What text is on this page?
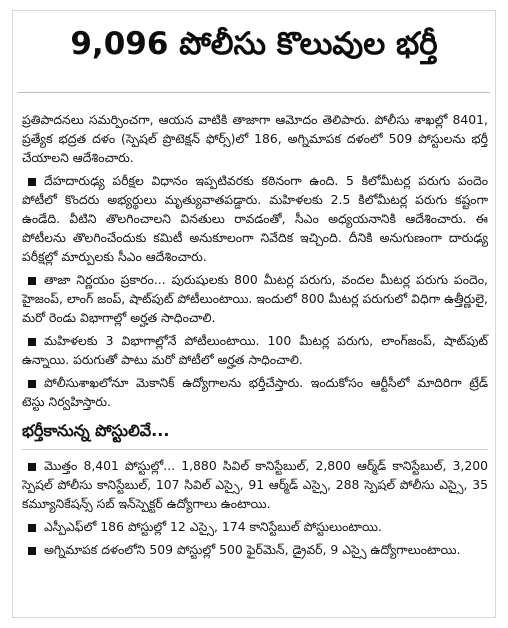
9,096 పోలీసు కొలువుల భర్తీ

ప్రతిపాదనలు సమర్పించగా, ఆయన వాటికి తాజాగా ఆమోదం తెలిపారు. పోలీసు శాఖల్లో 8401, ప్రత్యేక భద్రత దళం (స్పెషల్ ప్రొటెక్షన్ ఫోర్స్)లో 186, అగ్నిమాపక దళంలో 509 పోస్టులను భర్తీ చేయాలని ఆదేశించారు.

దేహదారుఢ్య పరీక్షల విధానం ఇప్పటివరకు కఠినంగా ఉంది. 5 కిలోమీటర్ల పరుగు పందెం పోటీలో కొందరు అభ్యర్థులు మృత్యువాతపడ్డారు. మహిళలకు 2.5 కిలోమీటర్ల పరుగు కష్టంగా ఉండేది. వీటిని తొలగించాలని వినతులు రావడంతో, సీఎం అధ్యయనానికి ఆదేశించారు. ఈ పోటీలను తొలగించేందుకు కమిటీ అనుకూలంగా నివేదిక ఇచ్చింది. దీనికి అనుగుణంగా దారుఢ్య పరీక్షల్లో మార్పులకు సీఎం ఆదేశించారు.

తాజా నిర్ణయం ప్రకారం... పురుషులకు 800 మీటర్ల పరుగు, వందల మీటర్ల పరుగు పందెం, హైజంప్, లాంగ్ జంప్, షాట్‌పుట్ పోటీలుంటాయి. ఇందులో 800 మీటర్ల పరుగులో విధిగా ఉత్తీర్ణులై, మరో రెండు విభాగాల్లో అర్హత సాధించాలి.

మహిళలకు 3 విభాగాల్లోనే పోటీలుంటాయి. 100 మీటర్ల పరుగు, లాంగ్‌జంప్, షాట్‌పుట్ ఉన్నాయి. పరుగుతో పాటు మరో పోటీలో అర్హత సాధించాలి.

పోలీసుశాఖలోనూ మెకానిక్ ఉద్యోగాలను భర్తీచేస్తారు. ఇందుకోసం ఆర్టీసీలో మాదిరిగా ట్రేడ్ టెస్టు నిర్వహిస్తారు.

భర్తీకానున్న పోస్టులివే...

మొత్తం 8,401 పోస్టుల్లో... 1,880 సివిల్ కానిస్టేబుల్, 2,800 ఆర్మ్‌డ్ కానిస్టేబుల్, 3,200 స్పెషల్ పోలీసు కానిస్టేబుల్, 107 సివిల్ ఎస్సై, 91 ఆర్మ్‌డ్ ఎస్సై, 288 స్పెషల్ పోలీసు ఎస్సై, 35 కమ్యూనికేషన్స్ సబ్ ఇన్‌స్పెక్టర్ ఉద్యోగాలు ఉంటాయి.

ఎస్పీఎఫ్‌లో 186 పోస్టుల్లో 12 ఎస్సై, 174 కానిస్టేబుల్ పోస్టులుంటాయి.

అగ్నిమాపక దళంలోని 509 పోస్టుల్లో 500 ఫైర్‌మెన్, డ్రైవర్, 9 ఎస్సై ఉద్యోగాలుంటాయి.
